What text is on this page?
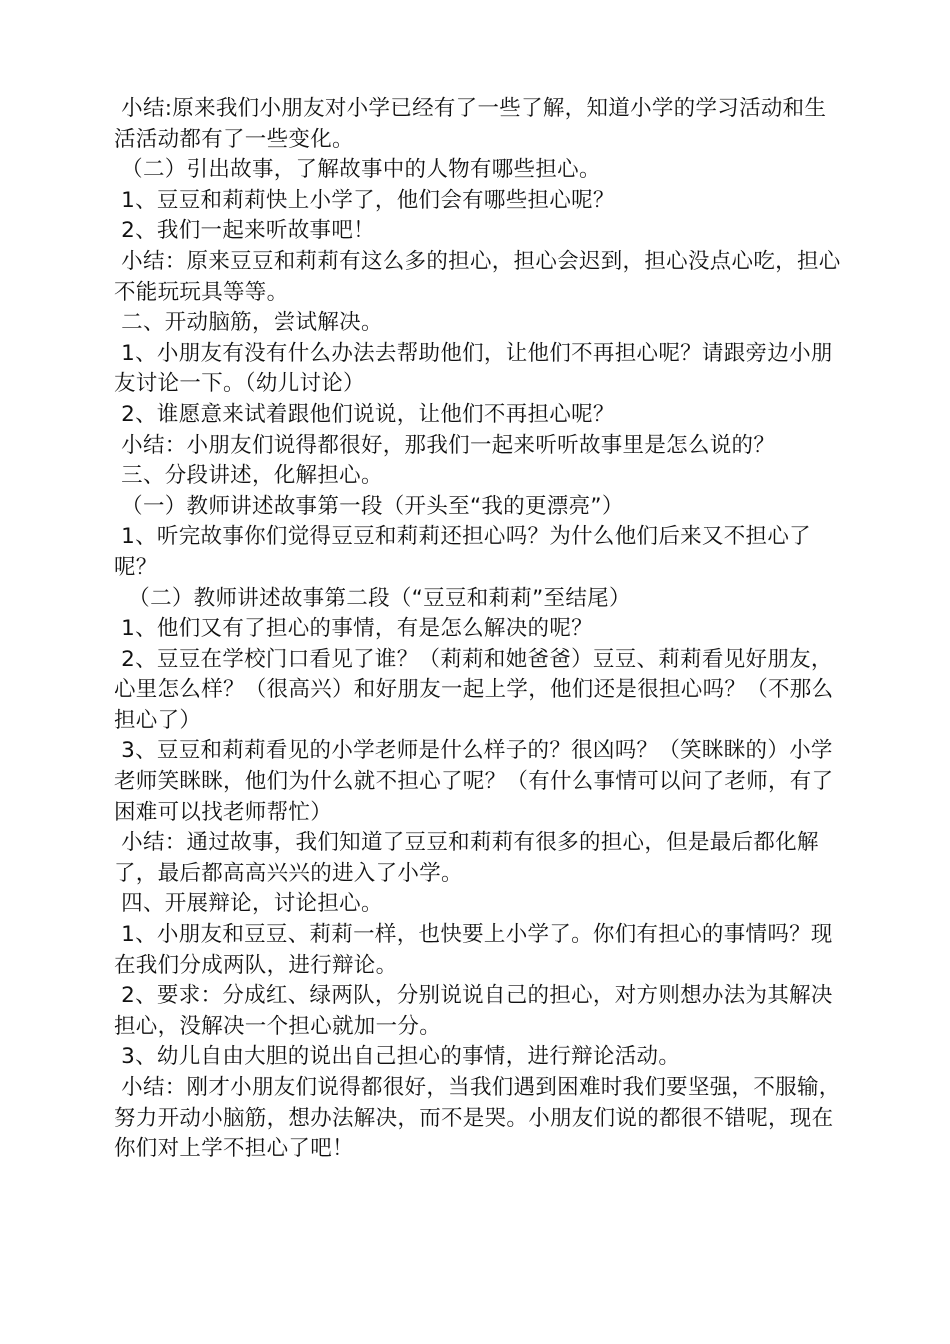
小结:原来我们小朋友对小学已经有了一些了解，知道小学的学习活动和生活活动都有了一些变化。

（二）引出故事，了解故事中的人物有哪些担心。

1、豆豆和莉莉快上小学了，他们会有哪些担心呢？

2、我们一起来听故事吧！

小结：原来豆豆和莉莉有这么多的担心，担心会迟到，担心没点心吃，担心不能玩玩具等等。

二、开动脑筋，尝试解决。

1、小朋友有没有什么办法去帮助他们，让他们不再担心呢？请跟旁边小朋友讨论一下。（幼儿讨论）

2、谁愿意来试着跟他们说说，让他们不再担心呢？

小结：小朋友们说得都很好，那我们一起来听听故事里是怎么说的？

三、分段讲述，化解担心。

（一）教师讲述故事第一段（开头至“我的更漂亮”）

1、听完故事你们觉得豆豆和莉莉还担心吗？为什么他们后来又不担心了呢？

（二）教师讲述故事第二段（“豆豆和莉莉”至结尾）

1、他们又有了担心的事情，有是怎么解决的呢？

2、豆豆在学校门口看见了谁？（莉莉和她爸爸）豆豆、莉莉看见好朋友，心里怎么样？（很高兴）和好朋友一起上学，他们还是很担心吗？（不那么担心了）

3、豆豆和莉莉看见的小学老师是什么样子的？很凶吗？（笑眯眯的）小学老师笑眯眯，他们为什么就不担心了呢？（有什么事情可以问了老师，有了困难可以找老师帮忙）

小结：通过故事，我们知道了豆豆和莉莉有很多的担心，但是最后都化解了，最后都高高兴兴的进入了小学。

四、开展辩论，讨论担心。

1、小朋友和豆豆、莉莉一样，也快要上小学了。你们有担心的事情吗？现在我们分成两队，进行辩论。

2、要求：分成红、绿两队，分别说说自己的担心，对方则想办法为其解决担心，没解决一个担心就加一分。

3、幼儿自由大胆的说出自己担心的事情，进行辩论活动。

小结：刚才小朋友们说得都很好，当我们遇到困难时我们要坚强，不服输，努力开动小脑筋，想办法解决，而不是哭。小朋友们说的都很不错呢，现在你们对上学不担心了吧！
